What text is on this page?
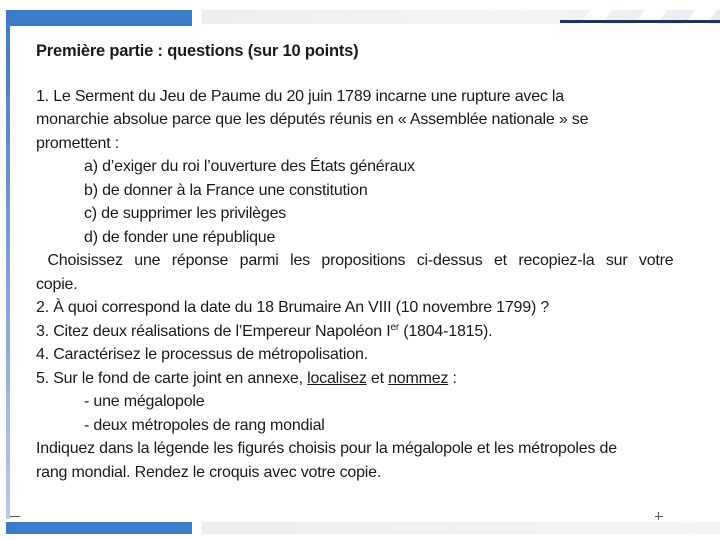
Première partie : questions (sur 10 points)

1. Le Serment du Jeu de Paume du 20 juin 1789 incarne une rupture avec la

monarchie absolue parce que les députés réunis en « Assemblée nationale » se

promettent :

a) d’exiger du roi l’ouverture des États généraux

b) de donner à la France une constitution

c) de supprimer les privilèges

d) de fonder une république

Choisissez une réponse parmi les propositions ci-dessus et recopiez-la sur votre

copie.

2. À quoi correspond la date du 18 Brumaire An VIII (10 novembre 1799) ?

3. Citez deux réalisations de l’Empereur Napoléon Ier (1804-1815).

4. Caractérisez le processus de métropolisation.

5. Sur le fond de carte joint en annexe, localisez et nommez :

- une mégalopole

- deux métropoles de rang mondial

Indiquez dans la légende les figurés choisis pour la mégalopole et les métropoles de

rang mondial. Rendez le croquis avec votre copie.
